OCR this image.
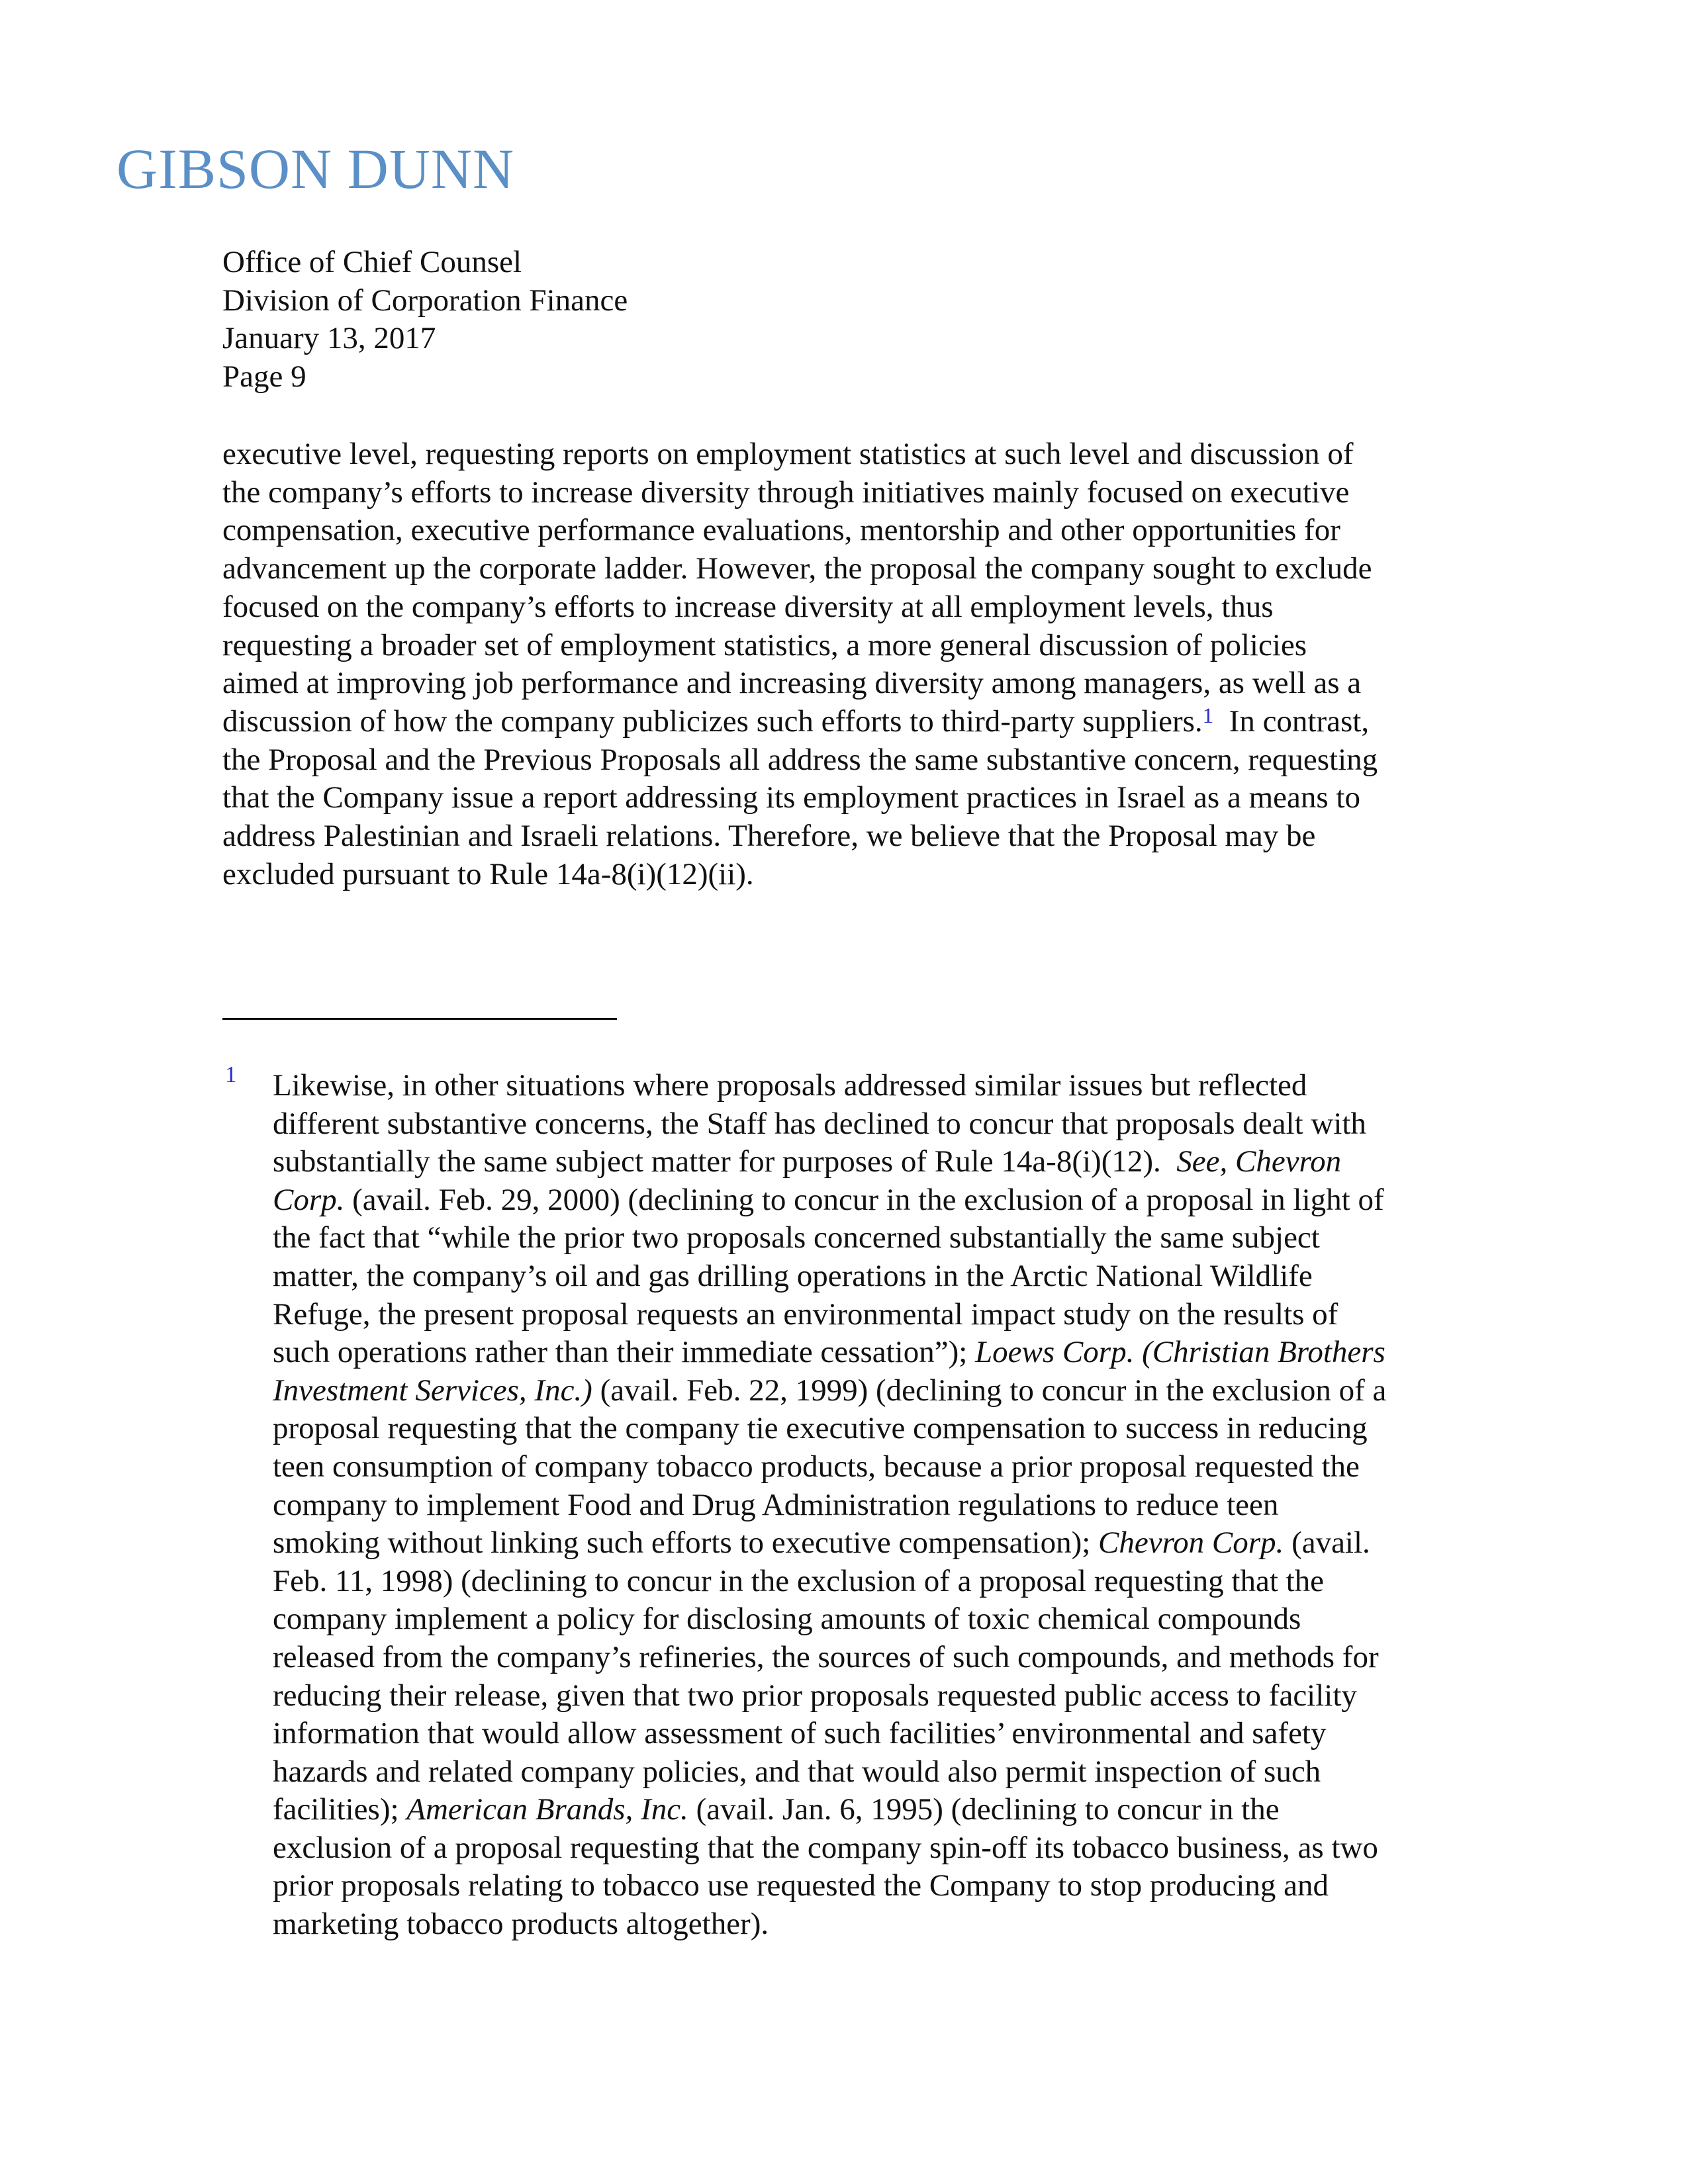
GIBSON DUNN
Office of Chief Counsel
Division of Corporation Finance
January 13, 2017
Page 9
executive level, requesting reports on employment statistics at such level and discussion of
the company’s efforts to increase diversity through initiatives mainly focused on executive
compensation, executive performance evaluations, mentorship and other opportunities for
advancement up the corporate ladder. However, the proposal the company sought to exclude
focused on the company’s efforts to increase diversity at all employment levels, thus
requesting a broader set of employment statistics, a more general discussion of policies
aimed at improving job performance and increasing diversity among managers, as well as a
discussion of how the company publicizes such efforts to third-party suppliers.$^1$  In contrast,
the Proposal and the Previous Proposals all address the same substantive concern, requesting
that the Company issue a report addressing its employment practices in Israel as a means to
address Palestinian and Israeli relations. Therefore, we believe that the Proposal may be
excluded pursuant to Rule 14a-8(i)(12)(ii).
1 Likewise, in other situations where proposals addressed similar issues but reflected
different substantive concerns, the Staff has declined to concur that proposals dealt with
substantially the same subject matter for purposes of Rule 14a-8(i)(12).  See, Chevron
Corp. (avail. Feb. 29, 2000) (declining to concur in the exclusion of a proposal in light of
the fact that “while the prior two proposals concerned substantially the same subject
matter, the company’s oil and gas drilling operations in the Arctic National Wildlife
Refuge, the present proposal requests an environmental impact study on the results of
such operations rather than their immediate cessation”); Loews Corp. (Christian Brothers
Investment Services, Inc.) (avail. Feb. 22, 1999) (declining to concur in the exclusion of a
proposal requesting that the company tie executive compensation to success in reducing
teen consumption of company tobacco products, because a prior proposal requested the
company to implement Food and Drug Administration regulations to reduce teen
smoking without linking such efforts to executive compensation); Chevron Corp. (avail.
Feb. 11, 1998) (declining to concur in the exclusion of a proposal requesting that the
company implement a policy for disclosing amounts of toxic chemical compounds
released from the company’s refineries, the sources of such compounds, and methods for
reducing their release, given that two prior proposals requested public access to facility
information that would allow assessment of such facilities’ environmental and safety
hazards and related company policies, and that would also permit inspection of such
facilities); American Brands, Inc. (avail. Jan. 6, 1995) (declining to concur in the
exclusion of a proposal requesting that the company spin-off its tobacco business, as two
prior proposals relating to tobacco use requested the Company to stop producing and
marketing tobacco products altogether).
